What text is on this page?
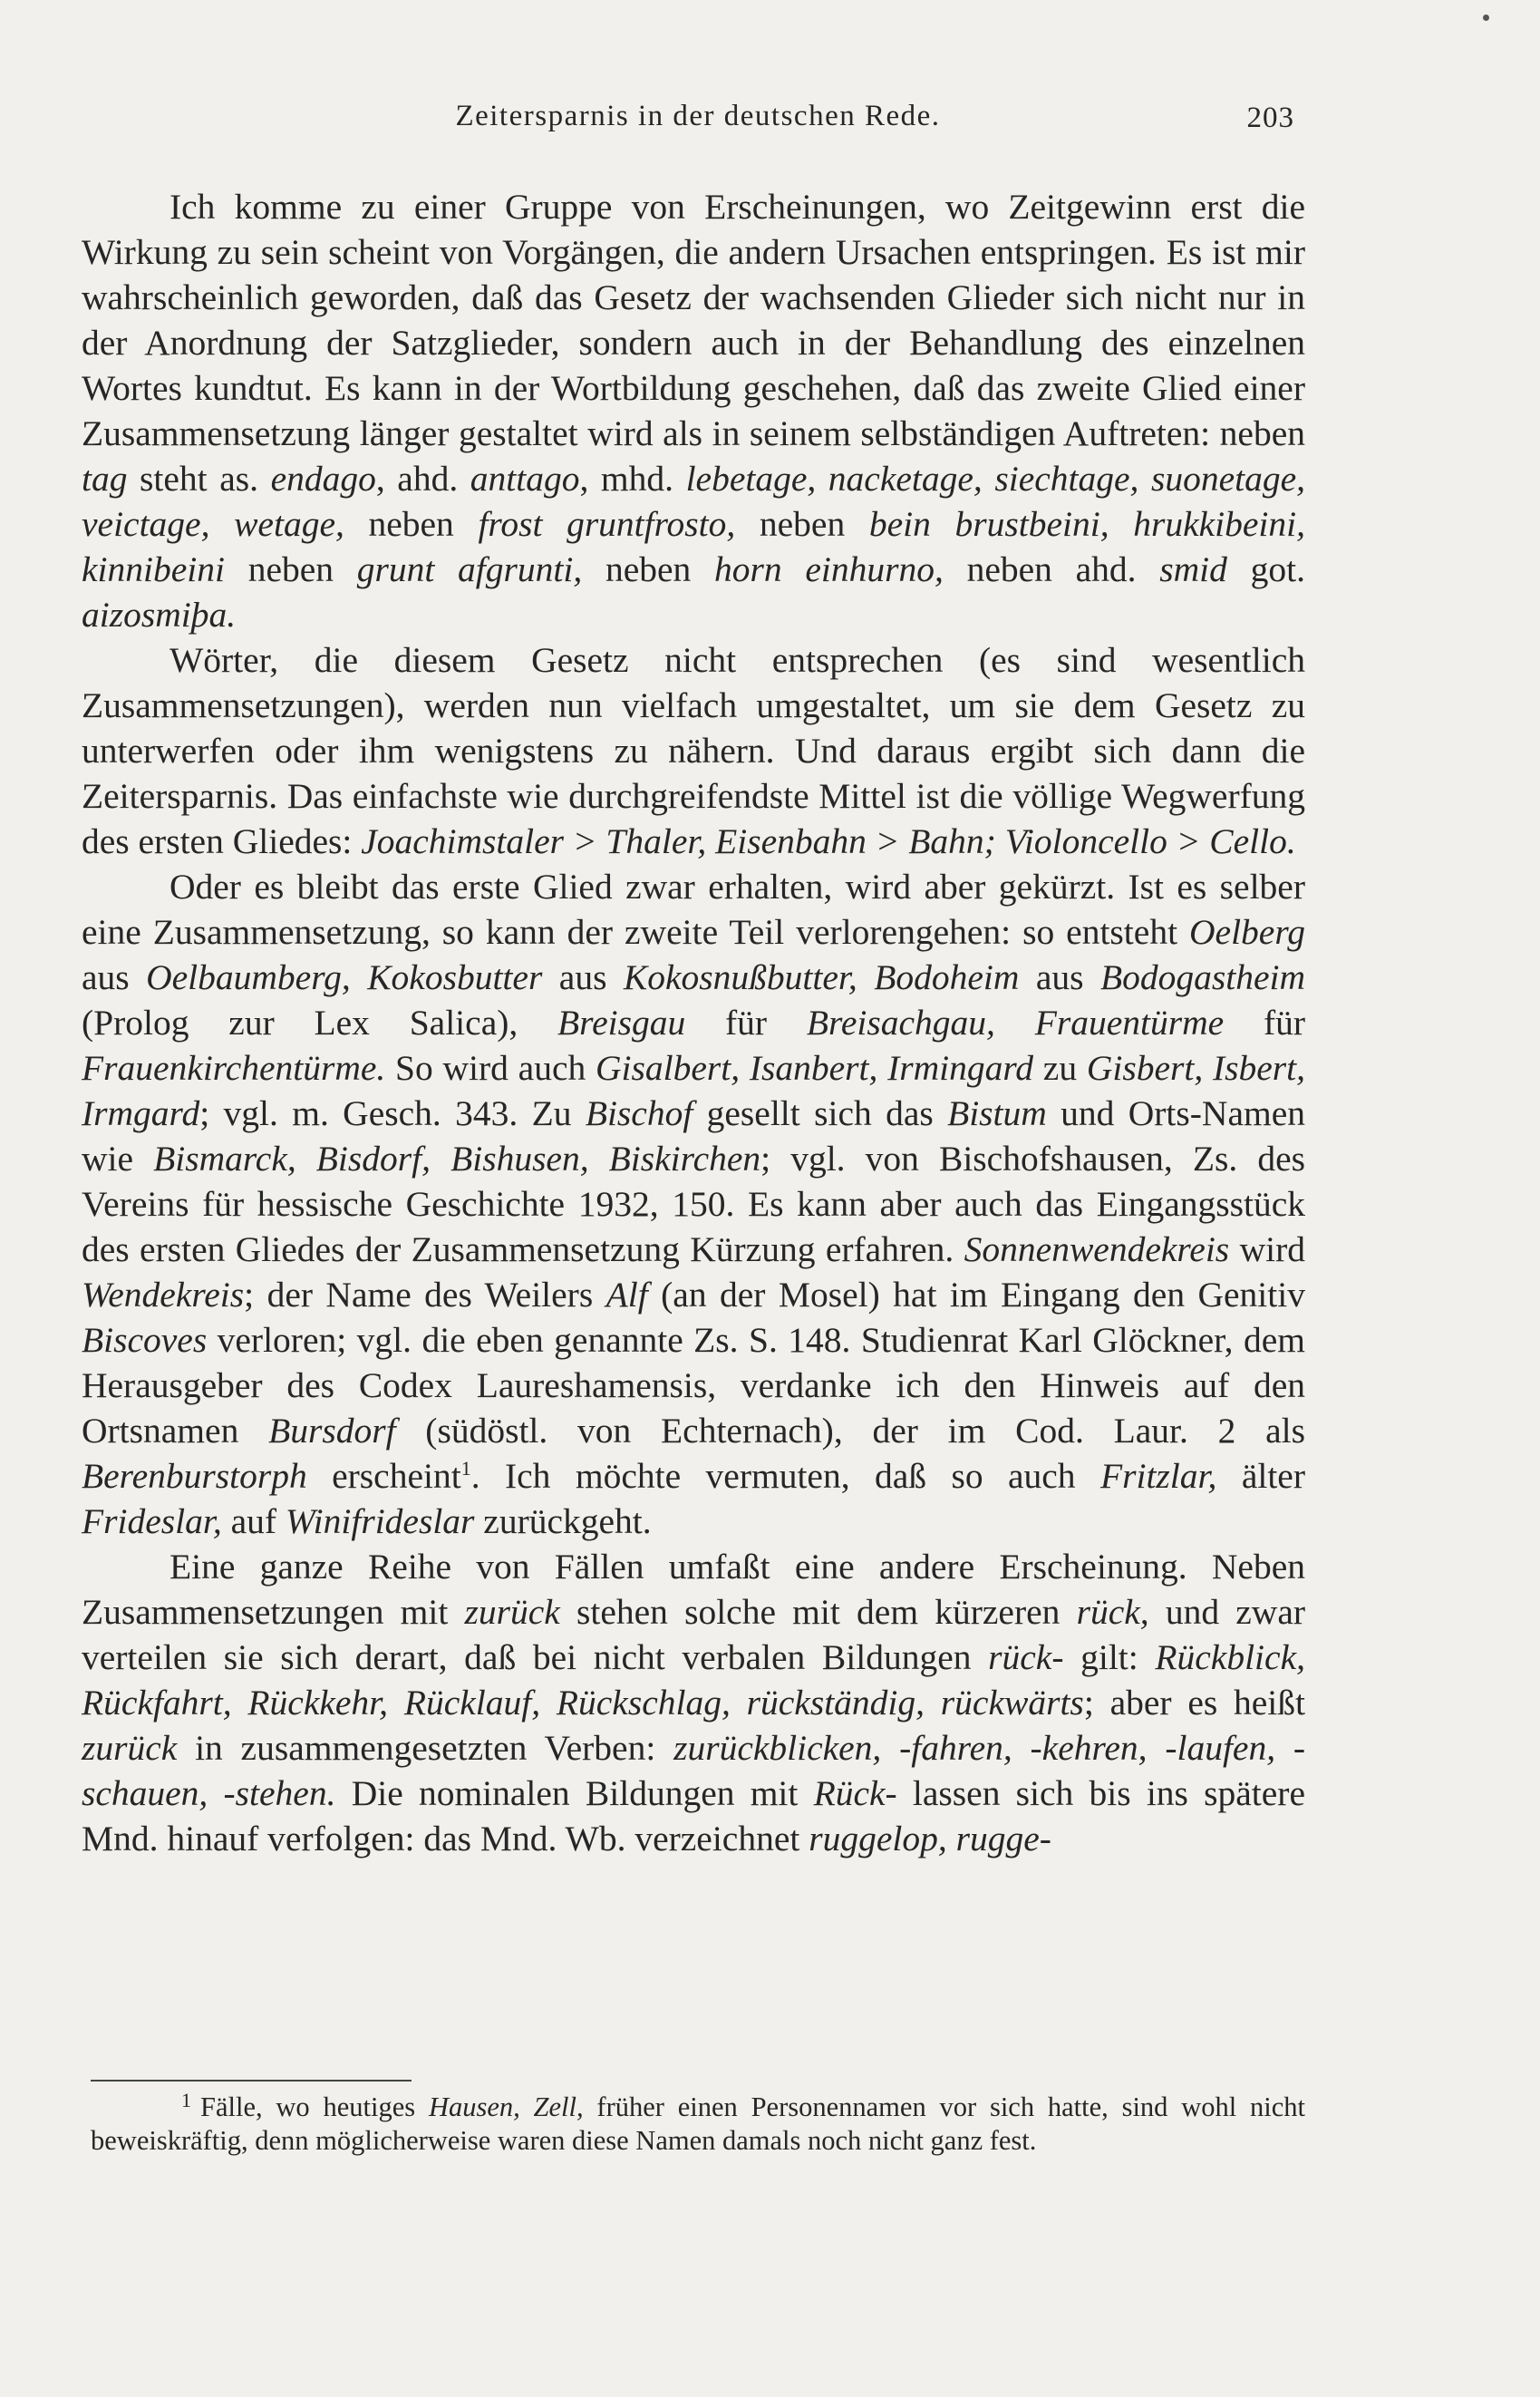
Zeitersparnis in der deutschen Rede.	203

Ich komme zu einer Gruppe von Erscheinungen, wo Zeitgewinn erst die Wirkung zu sein scheint von Vorgängen, die andern Ursachen entspringen. Es ist mir wahrscheinlich geworden, daß das Gesetz der wachsenden Glieder sich nicht nur in der Anordnung der Satzglieder, sondern auch in der Behandlung des einzelnen Wortes kundtut. Es kann in der Wortbildung geschehen, daß das zweite Glied einer Zusammensetzung länger gestaltet wird als in seinem selbständigen Auftreten: neben tag steht as. endago, ahd. anttago, mhd. lebetage, nacketage, siechtage, suonetage, veictage, wetage, neben frost gruntfrosto, neben bein brustbeini, hrukkibeini, kinnibeini neben grunt afgrunti, neben horn einhurno, neben ahd. smid got. aizosmiþa.

Wörter, die diesem Gesetz nicht entsprechen (es sind wesentlich Zusammensetzungen), werden nun vielfach umgestaltet, um sie dem Gesetz zu unterwerfen oder ihm wenigstens zu nähern. Und daraus ergibt sich dann die Zeitersparnis. Das einfachste wie durchgreifendste Mittel ist die völlige Wegwerfung des ersten Gliedes: Joachimstaler > Thaler, Eisenbahn > Bahn; Violoncello > Cello.

Oder es bleibt das erste Glied zwar erhalten, wird aber gekürzt. Ist es selber eine Zusammensetzung, so kann der zweite Teil verlorengehen: so entsteht Oelberg aus Oelbaumberg, Kokosbutter aus Kokosnußbutter, Bodoheim aus Bodogastheim (Prolog zur Lex Salica), Breisgau für Breisachgau, Frauentürme für Frauenkirchentürme. So wird auch Gisalbert, Isanbert, Irmingard zu Gisbert, Isbert, Irmgard; vgl. m. Gesch. 343. Zu Bischof gesellt sich das Bistum und Orts-Namen wie Bismarck, Bisdorf, Bishusen, Biskirchen; vgl. von Bischofshausen, Zs. des Vereins für hessische Geschichte 1932, 150. Es kann aber auch das Eingangsstück des ersten Gliedes der Zusammensetzung Kürzung erfahren. Sonnenwendekreis wird Wendekreis; der Name des Weilers Alf (an der Mosel) hat im Eingang den Genitiv Biscoves verloren; vgl. die eben genannte Zs. S. 148. Studienrat Karl Glöckner, dem Herausgeber des Codex Laureshamensis, verdanke ich den Hinweis auf den Ortsnamen Bursdorf (südöstl. von Echternach), der im Cod. Laur. 2 als Berenburstorph erscheint$^1$. Ich möchte vermuten, daß so auch Fritzlar, älter Frideslar, auf Winifrideslar zurückgeht.

Eine ganze Reihe von Fällen umfaßt eine andere Erscheinung. Neben Zusammensetzungen mit zurück stehen solche mit dem kürzeren rück, und zwar verteilen sie sich derart, daß bei nicht verbalen Bildungen rück- gilt: Rückblick, Rückfahrt, Rückkehr, Rücklauf, Rückschlag, rückständig, rückwärts; aber es heißt zurück in zusammengesetzten Verben: zurückblicken, -fahren, -kehren, -laufen, -schauen, -stehen. Die nominalen Bildungen mit Rück- lassen sich bis ins spätere Mnd. hinauf verfolgen: das Mnd. Wb. verzeichnet ruggelop, rugge-

$^1$ Fälle, wo heutiges Hausen, Zell, früher einen Personennamen vor sich hatte, sind wohl nicht beweiskräftig, denn möglicherweise waren diese Namen damals noch nicht ganz fest.
